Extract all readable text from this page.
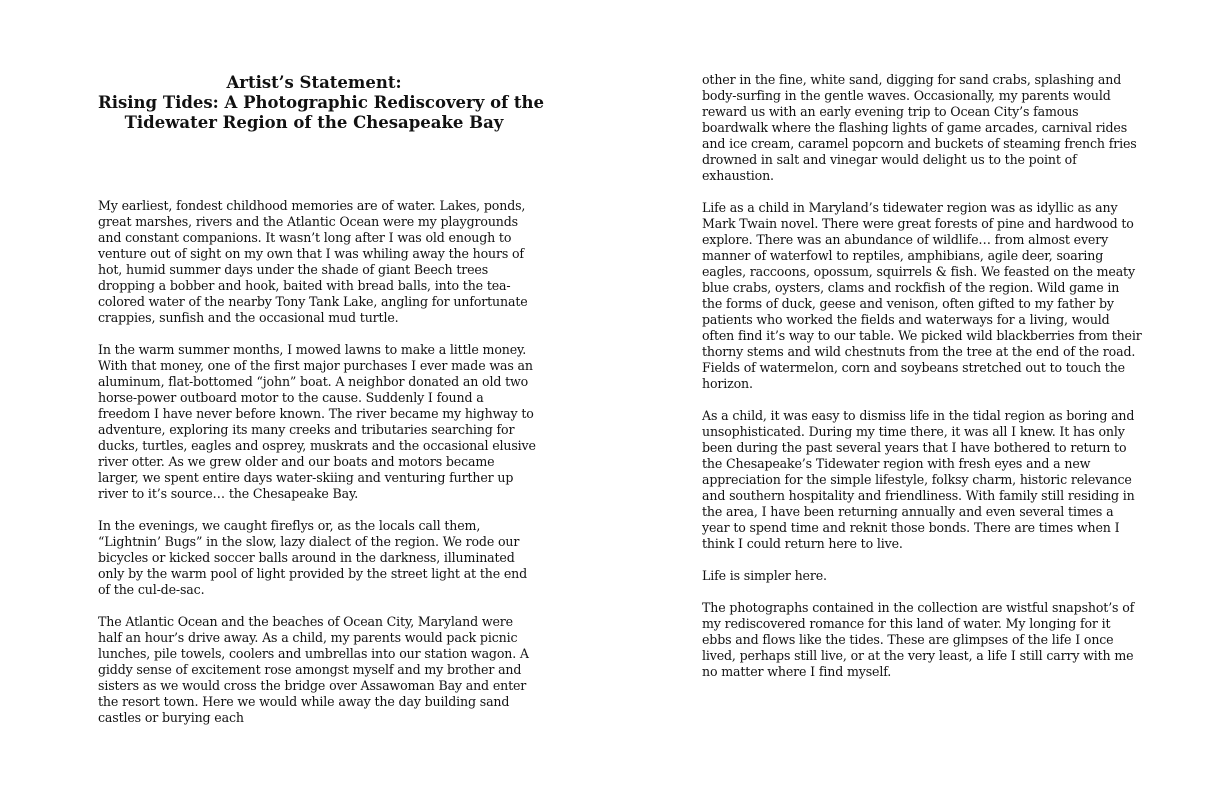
Artist’s Statement:
Rising Tides: A Photographic Rediscovery of the
Tidewater Region of the Chesapeake Bay

My earliest, fondest childhood memories are of water. Lakes, ponds, great marshes, rivers and the Atlantic Ocean were my playgrounds and constant companions. It wasn’t long after I was old enough to venture out of sight on my own that I was whiling away the hours of hot, humid summer days under the shade of giant Beech trees dropping a bobber and hook, baited with bread balls, into the tea-colored water of the nearby Tony Tank Lake, angling for unfortunate crappies, sunfish and the occasional mud turtle.

In the warm summer months, I mowed lawns to make a little money. With that money, one of the first major purchases I ever made was an aluminum, flat-bottomed “john” boat. A neighbor donated an old two horse-power outboard motor to the cause. Suddenly I found a freedom I have never before known. The river became my highway to adventure, exploring its many creeks and tributaries searching for ducks, turtles, eagles and osprey, muskrats and the occasional elusive river otter. As we grew older and our boats and motors became larger, we spent entire days water-skiing and venturing further up river to it’s source… the Chesapeake Bay.

In the evenings, we caught fireflys or, as the locals call them, “Lightnin’ Bugs” in the slow, lazy dialect of the region. We rode our bicycles or kicked soccer balls around in the darkness, illuminated only by the warm pool of light provided by the street light at the end of the cul-de-sac.

The Atlantic Ocean and the beaches of Ocean City, Maryland were half an hour’s drive away. As a child, my parents would pack picnic lunches, pile towels, coolers and umbrellas into our station wagon. A giddy sense of excitement rose amongst myself and my brother and sisters as we would cross the bridge over Assawoman Bay and enter the resort town. Here we would while away the day building sand castles or burying each

other in the fine, white sand, digging for sand crabs, splashing and body-surfing in the gentle waves. Occasionally, my parents would reward us with an early evening trip to Ocean City’s famous boardwalk where the flashing lights of game arcades, carnival rides and ice cream, caramel popcorn and buckets of steaming french fries drowned in salt and vinegar would delight us to the point of exhaustion.

Life as a child in Maryland’s tidewater region was as idyllic as any Mark Twain novel. There were great forests of pine and hardwood to explore. There was an abundance of wildlife… from almost every manner of waterfowl to reptiles, amphibians, agile deer, soaring eagles, raccoons, opossum, squirrels & fish. We feasted on the meaty blue crabs, oysters, clams and rockfish of the region. Wild game in the forms of duck, geese and venison, often gifted to my father by patients who worked the fields and waterways for a living, would often find it’s way to our table. We picked wild blackberries from their thorny stems and wild chestnuts from the tree at the end of the road. Fields of watermelon, corn and soybeans stretched out to touch the horizon.

As a child, it was easy to dismiss life in the tidal region as boring and unsophisticated. During my time there, it was all I knew. It has only been during the past several years that I have bothered to return to the Chesapeake’s Tidewater region with fresh eyes and a new appreciation for the simple lifestyle, folksy charm, historic relevance and southern hospitality and friendliness. With family still residing in the area, I have been returning annually and even several times a year to spend time and reknit those bonds. There are times when I think I could return here to live.

Life is simpler here.

The photographs contained in the collection are wistful snapshot’s of my rediscovered romance for this land of water. My longing for it ebbs and flows like the tides. These are glimpses of the life I once lived, perhaps still live, or at the very least, a life I still carry with me no matter where I find myself.
